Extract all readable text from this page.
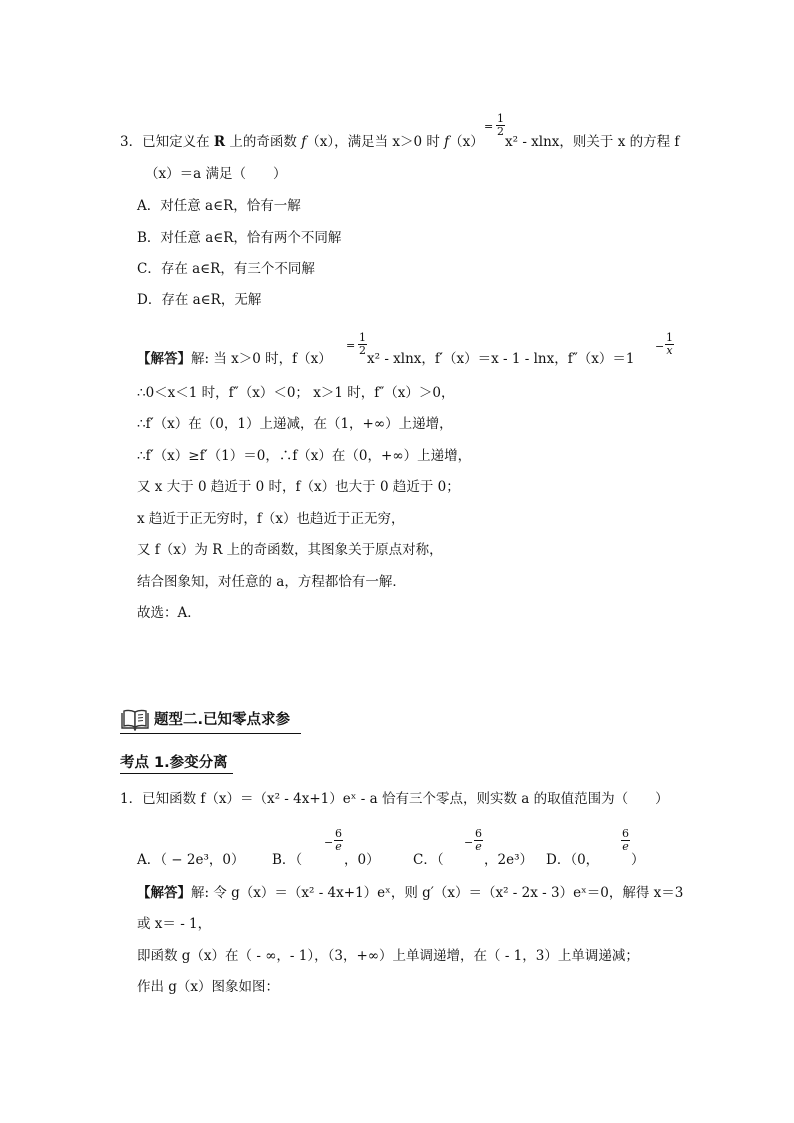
3．已知定义在 R 上的奇函数 f（x），满足当 x＞0 时 f（x）
= $\frac{1}{2}$
x² - xlnx，则关于 x 的方程 f
（x）＝a 满足（　　）
A．对任意 a∈R，恰有一解
B．对任意 a∈R，恰有两个不同解
C．存在 a∈R，有三个不同解
D．存在 a∈R，无解
【解答】解: 当 x＞0 时，f（x）
= $\frac{1}{2}$
x² - xlnx，f′（x）＝x - 1 - lnx，f″（x）＝1
− $\frac{1}{x}$
∴0＜x＜1 时，f″（x）＜0； x＞1 时，f″（x）＞0，
∴f′（x）在（0，1）上递减，在（1，+∞）上递增，
∴f′（x）≥f′（1）＝0，∴f（x）在（0，+∞）上递增，
又 x 大于 0 趋近于 0 时，f（x）也大于 0 趋近于 0；
x 趋近于正无穷时，f（x）也趋近于正无穷，
又 f（x）为 R 上的奇函数，其图象关于原点对称，
结合图象知，对任意的 a，方程都恰有一解．
故选：A．
题型二.已知零点求参
考点 1.参变分离
1．已知函数 f（x）＝（x² - 4x+1）eˣ - a 恰有三个零点，则实数 a 的取值范围为（　　）
A．（ − 2e³，0） B．（
− $\frac{6}{e}$
，0） C．（
− $\frac{6}{e}$
，2e³） D．（0，
$\frac{6}{e}$
）
【解答】解: 令 g（x）＝（x² - 4x+1）eˣ，则 g′（x）＝（x² - 2x - 3）eˣ＝0，解得 x＝3
或 x＝ - 1，
即函数 g（x）在（ - ∞，- 1），（3，+∞）上单调递增，在（ - 1，3）上单调递减；
作出 g（x）图象如图：
